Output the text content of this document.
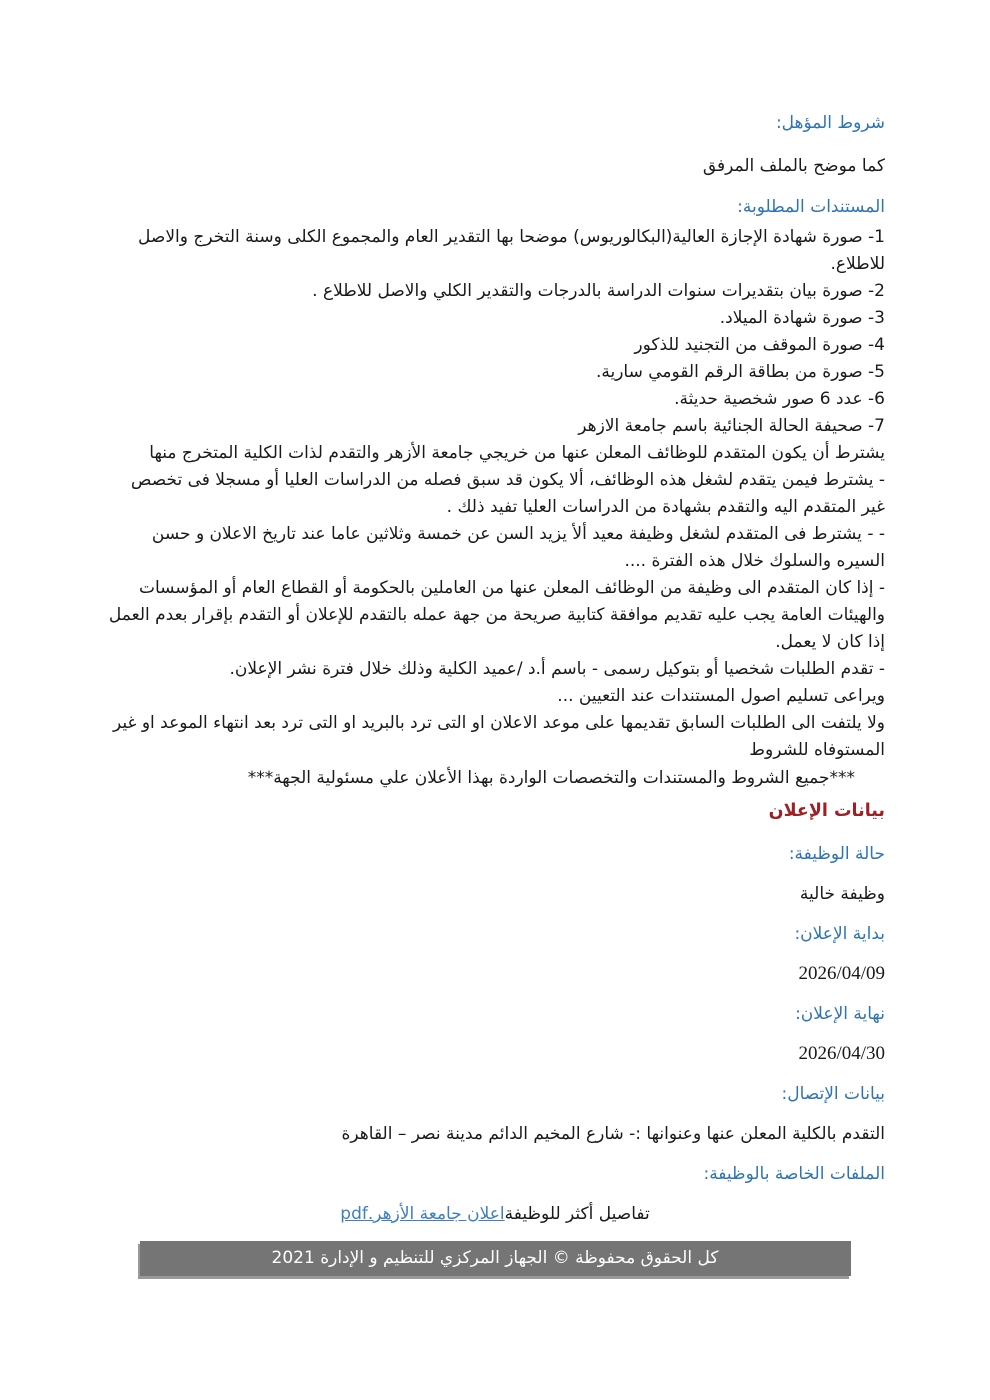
شروط المؤهل:
كما موضح بالملف المرفق
المستندات المطلوبة:
1- صورة شهادة الإجازة العالية(البكالوريوس) موضحا بها التقدير العام والمجموع الكلى وسنة التخرج والاصل للاطلاع.
2- صورة بيان بتقديرات سنوات الدراسة بالدرجات والتقدير الكلي والاصل للاطلاع .
3- صورة شهادة الميلاد.
4- صورة الموقف من التجنيد للذكور
5- صورة من بطاقة الرقم القومي سارية.
6- عدد 6 صور شخصية حديثة.
7- صحيفة الحالة الجنائية باسم جامعة الازهر
يشترط أن يكون المتقدم للوظائف المعلن عنها من خريجي جامعة الأزهر والتقدم لذات الكلية المتخرج منها
- يشترط فيمن يتقدم لشغل هذه الوظائف، ألا يكون قد سبق فصله من الدراسات العليا أو مسجلا فى تخصص غير المتقدم اليه والتقدم بشهادة من الدراسات العليا تفيد ذلك .
- - يشترط فى المتقدم لشغل وظيفة معيد ألأ يزيد السن عن خمسة وثلاثين عاما عند تاريخ الاعلان و حسن السيره والسلوك خلال هذه الفترة ....
- إذا كان المتقدم الى وظيفة من الوظائف المعلن عنها من العاملين بالحكومة أو القطاع العام أو المؤسسات والهيئات العامة يجب عليه تقديم موافقة كتابية صريحة من جهة عمله بالتقدم للإعلان أو التقدم بإقرار بعدم العمل إذا كان لا يعمل.
- تقدم الطلبات شخصيا أو بتوكيل رسمى - باسم أ.د /عميد الكلية وذلك خلال فترة نشر الإعلان.
ويراعى تسليم اصول المستندات عند التعيين ...
ولا يلتفت الى الطلبات السابق تقديمها على موعد الاعلان او التى ترد بالبريد او التى ترد بعد انتهاء الموعد او غير المستوفاه للشروط
***جميع الشروط والمستندات والتخصصات الواردة بهذا الأعلان علي مسئولية الجهة***
بيانات الإعلان
حالة الوظيفة:
وظيفة خالية
بداية الإعلان:
2026/04/09
نهاية الإعلان:
2026/04/30
بيانات الإتصال:
التقدم بالكلية المعلن عنها وعنوانها :- شارع المخيم الدائم مدينة نصر – القاهرة
الملفات الخاصة بالوظيفة:
تفاصيل أكثر للوظيفةاعلان جامعة الأزهر.pdf
كل الحقوق محفوظة © الجهاز المركزي للتنظيم و الإدارة 2021
